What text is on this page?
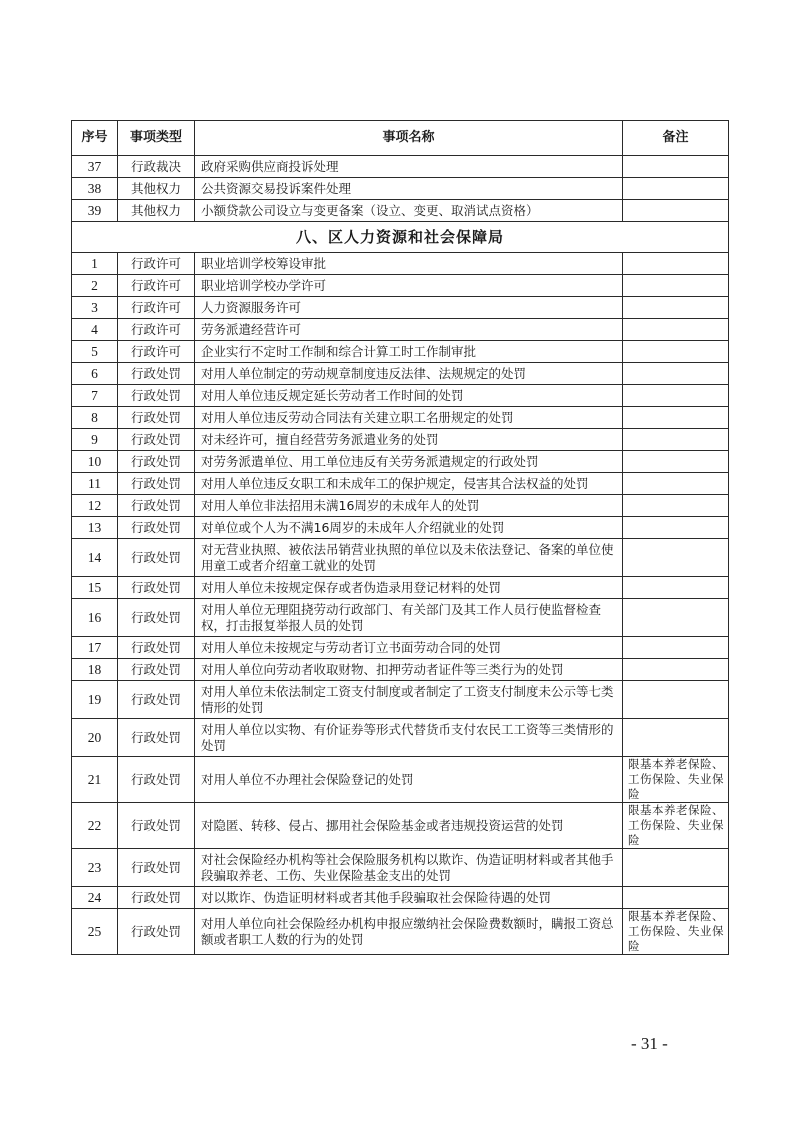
序号	事项类型	事项名称	备注
37	行政裁决	政府采购供应商投诉处理	
38	其他权力	公共资源交易投诉案件处理	
39	其他权力	小额贷款公司设立与变更备案（设立、变更、取消试点资格）	
八、区人力资源和社会保障局			
1	行政许可	职业培训学校筹设审批	
2	行政许可	职业培训学校办学许可	
3	行政许可	人力资源服务许可	
4	行政许可	劳务派遣经营许可	
5	行政许可	企业实行不定时工作制和综合计算工时工作制审批	
6	行政处罚	对用人单位制定的劳动规章制度违反法律、法规规定的处罚	
7	行政处罚	对用人单位违反规定延长劳动者工作时间的处罚	
8	行政处罚	对用人单位违反劳动合同法有关建立职工名册规定的处罚	
9	行政处罚	对未经许可，擅自经营劳务派遣业务的处罚	
10	行政处罚	对劳务派遣单位、用工单位违反有关劳务派遣规定的行政处罚	
11	行政处罚	对用人单位违反女职工和未成年工的保护规定，侵害其合法权益的处罚	
12	行政处罚	对用人单位非法招用未满16周岁的未成年人的处罚	
13	行政处罚	对单位或个人为不满16周岁的未成年人介绍就业的处罚	
14	行政处罚	对无营业执照、被依法吊销营业执照的单位以及未依法登记、备案的单位使用童工或者介绍童工就业的处罚	
15	行政处罚	对用人单位未按规定保存或者伪造录用登记材料的处罚	
16	行政处罚	对用人单位无理阻挠劳动行政部门、有关部门及其工作人员行使监督检查权，打击报复举报人员的处罚	
17	行政处罚	对用人单位未按规定与劳动者订立书面劳动合同的处罚	
18	行政处罚	对用人单位向劳动者收取财物、扣押劳动者证件等三类行为的处罚	
19	行政处罚	对用人单位未依法制定工资支付制度或者制定了工资支付制度未公示等七类情形的处罚	
20	行政处罚	对用人单位以实物、有价证券等形式代替货币支付农民工工资等三类情形的处罚	
21	行政处罚	对用人单位不办理社会保险登记的处罚	限基本养老保险、工伤保险、失业保险
22	行政处罚	对隐匿、转移、侵占、挪用社会保险基金或者违规投资运营的处罚	限基本养老保险、工伤保险、失业保险
23	行政处罚	对社会保险经办机构等社会保险服务机构以欺诈、伪造证明材料或者其他手段骗取养老、工伤、失业保险基金支出的处罚	
24	行政处罚	对以欺诈、伪造证明材料或者其他手段骗取社会保险待遇的处罚	
25	行政处罚	对用人单位向社会保险经办机构申报应缴纳社会保险费数额时，瞒报工资总额或者职工人数的行为的处罚	限基本养老保险、工伤保险、失业保险
- 31 -
